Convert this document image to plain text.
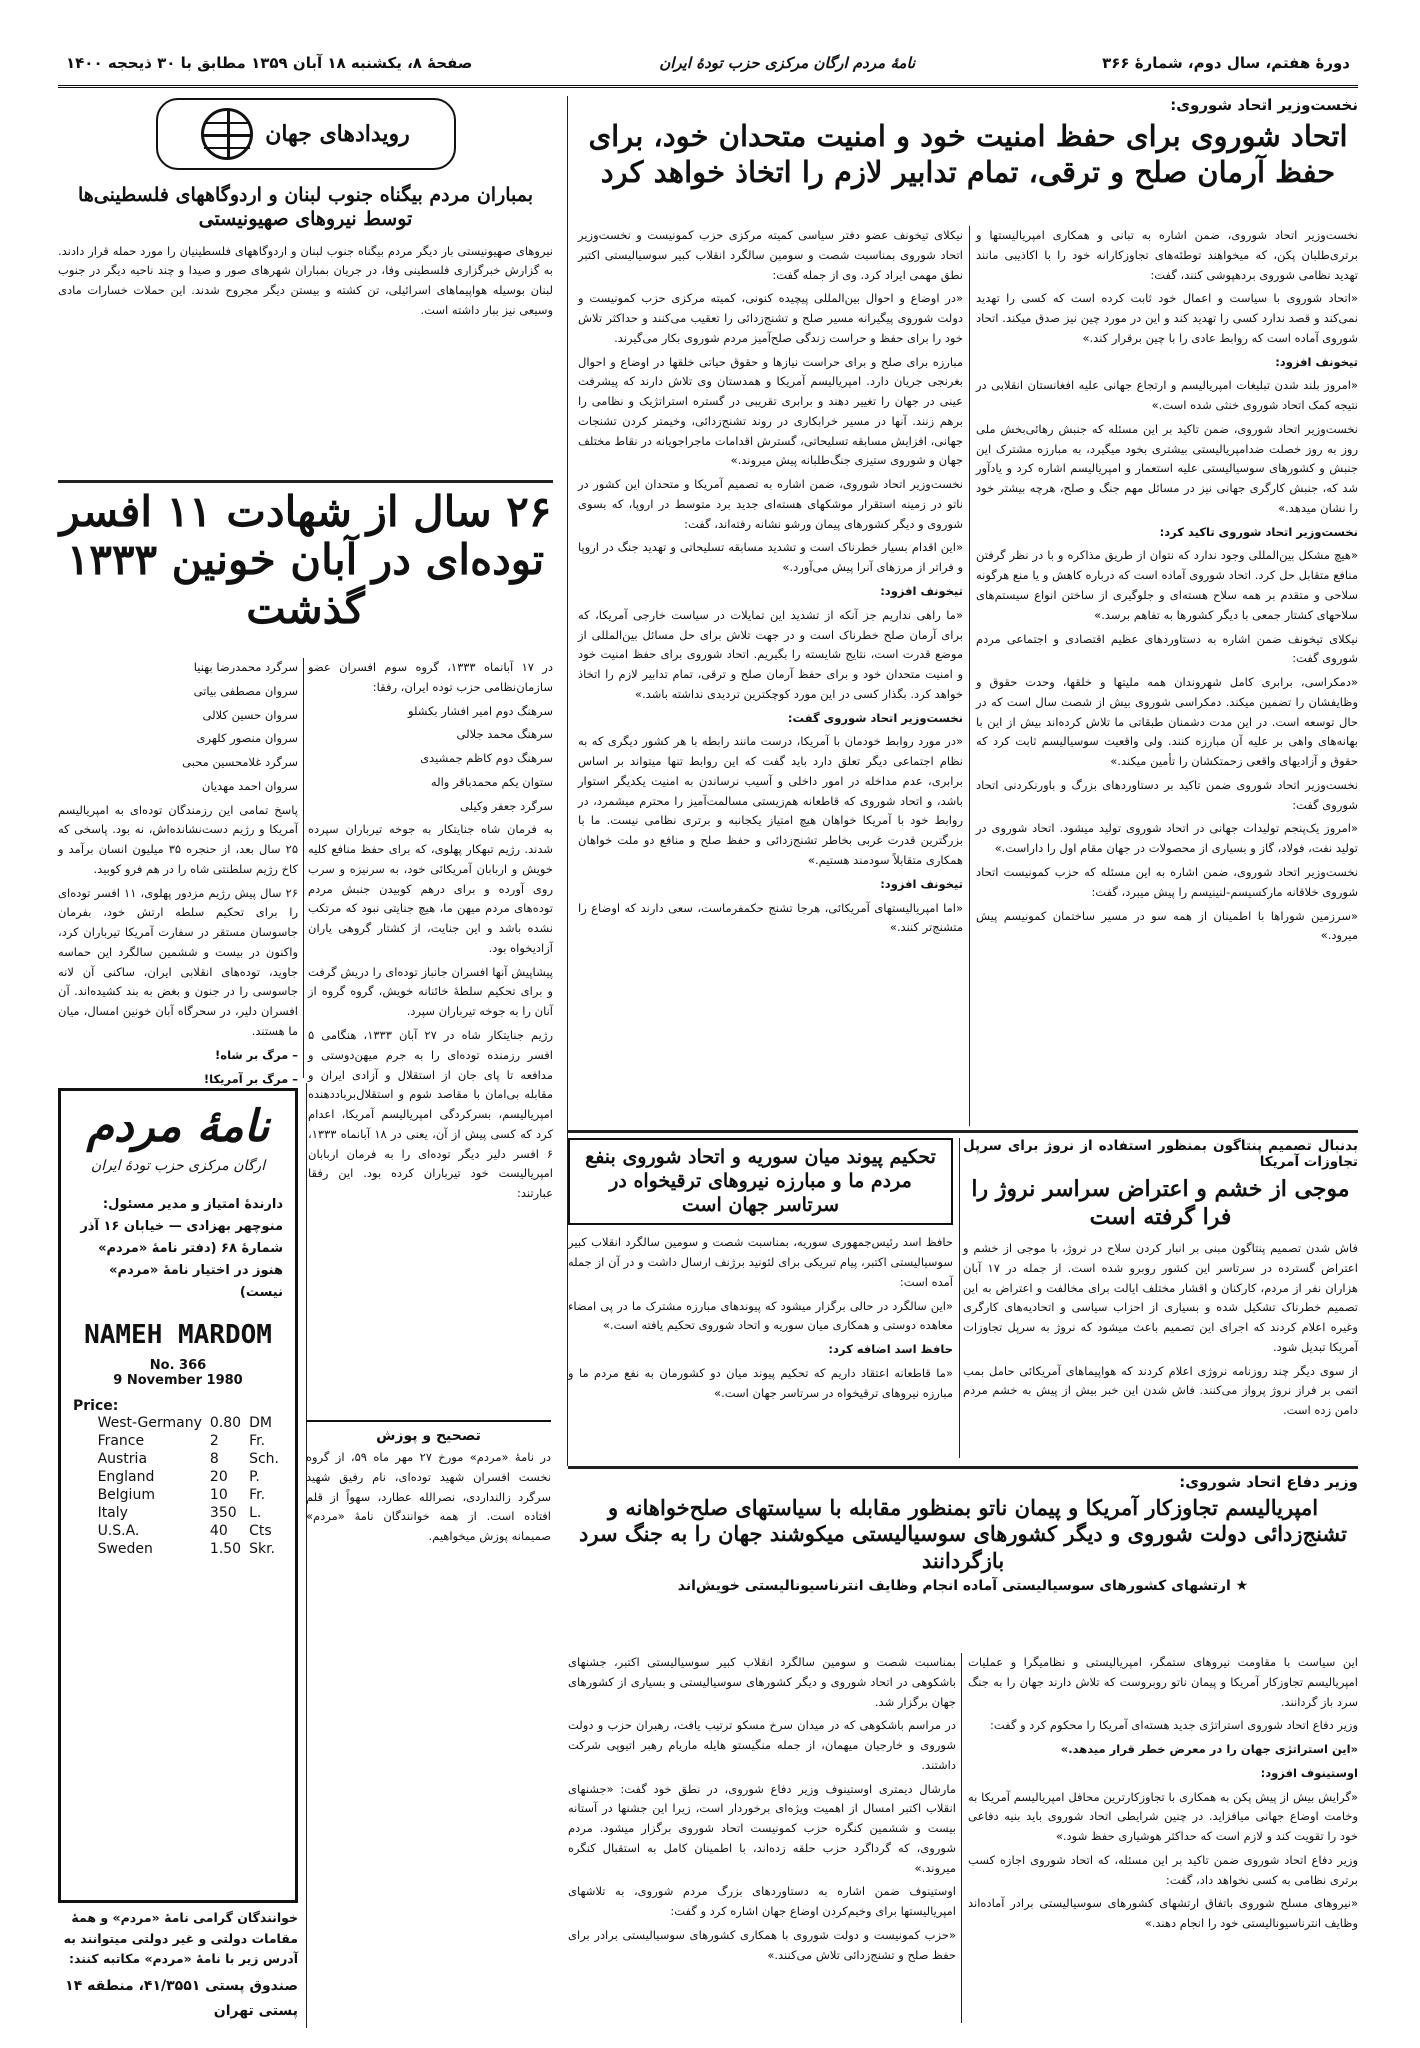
دورهٔ هفتم، سال دوم، شمارهٔ ۳۶۶
نامهٔ مردم ارگان مرکزی حزب تودهٔ ایران
صفحهٔ ۸، یکشنبه ۱۸ آبان ۱۳۵۹ مطابق با ۳۰ ذیحجه ۱۴۰۰
نخست‌وزیر اتحاد شوروی:
اتحاد شوروی برای حفظ امنیت خود و امنیت متحدان خود، برای حفظ آرمان صلح و ترقی، تمام تدابیر لازم را اتخاذ خواهد کرد

نیکلای تیخونف عضو دفتر سیاسی کمیته مرکزی حزب کمونیست و نخست‌وزیر اتحاد شوروی بمناسبت شصت و سومین سالگرد انقلاب کبیر سوسیالیستی اکتبر نطق مهمی ایراد کرد. وی از جمله گفت:

«در اوضاع و احوال بین‌المللی پیچیده کنونی، کمیته مرکزی حزب کمونیست و دولت شوروی پیگیرانه مسیر صلح و تشنج‌زدائی را تعقیب می‌کنند و حداکثر تلاش خود را برای حفظ و حراست زندگی صلح‌آمیز مردم شوروی بکار می‌گیرند.

مبارزه برای صلح و برای حراست نیازها و حقوق حیاتی خلقها در اوضاع و احوال بغرنجی جریان دارد. امپریالیسم آمریکا و همدستان وی تلاش دارند که پیشرفت عینی در جهان را تغییر دهند و برابری تقریبی در گستره استراتژیک و نظامی را برهم زنند. آنها در مسیر خرابکاری در روند تشنج‌زدائی، وخیمتر کردن تشنجات جهانی، افزایش مسابقه تسلیحاتی، گسترش اقدامات ماجراجویانه در نقاط مختلف جهان و شوروی ستیزی جنگ‌طلبانه پیش میروند.»

نخست‌وزیر اتحاد شوروی، ضمن اشاره به تصمیم آمریکا و متحدان این کشور در ناتو در زمینه استقرار موشکهای هسته‌ای جدید برد متوسط در اروپا، که بسوی شوروی و دیگر کشورهای پیمان ورشو نشانه رفته‌اند، گفت:

«این اقدام بسیار خطرناک است و تشدید مسابقه تسلیحاتی و تهدید جنگ در اروپا و فراتر از مرزهای آنرا پیش می‌آورد.»

تیخونف افزود:

«ما راهی نداریم جز آنکه از تشدید این تمایلات در سیاست خارجی آمریکا، که برای آرمان صلح خطرناک است و در جهت تلاش برای حل مسائل بین‌المللی از موضع قدرت است، نتایج شایسته را بگیریم. اتحاد شوروی برای حفظ امنیت خود و امنیت متحدان خود و برای حفظ آرمان صلح و ترقی، تمام تدابیر لازم را اتخاذ خواهد کرد. بگذار کسی در این مورد کوچکترین تردیدی نداشته باشد.»

نخست‌وزیر اتحاد شوروی گفت:

«در مورد روابط خودمان با آمریکا، درست مانند رابطه با هر کشور دیگری که به نظام اجتماعی دیگر تعلق دارد باید گفت که این روابط تنها میتواند بر اساس برابری، عدم مداخله در امور داخلی و آسیب نرساندن به امنیت یکدیگر استوار باشد، و اتحاد شوروی که قاطعانه هم‌زیستی مسالمت‌آمیز را محترم میشمرد، در روابط خود با آمریکا خواهان هیچ امتیاز یکجانبه و برتری نظامی نیست. ما با بزرگترین قدرت غربی بخاطر تشنج‌زدائی و حفظ صلح و منافع دو ملت خواهان همکاری متقابلاً سودمند هستیم.»

تیخونف افزود:

«اما امپریالیستهای آمریکائی، هرجا تشنج حکمفرماست، سعی دارند که اوضاع را متشنج‌تر کنند.»

نخست‌وزیر اتحاد شوروی، ضمن اشاره به تبانی و همکاری امپریالیستها و برتری‌طلبان پکن، که میخواهند توطئه‌های تجاوزکارانه خود را با اکاذیبی مانند تهدید نظامی شوروی بردهپوشی کنند، گفت:

«اتحاد شوروی با سیاست و اعمال خود ثابت کرده است که کسی را تهدید نمی‌کند و قصد ندارد کسی را تهدید کند و این در مورد چین نیز صدق میکند. اتحاد شوروی آماده است که روابط عادی را با چین برقرار کند.»

تیخونف افزود:

«امروز بلند شدن تبلیغات امپریالیسم و ارتجاع جهانی علیه افغانستان انقلابی در نتیجه کمک اتحاد شوروی خنثی شده است.»

نخست‌وزیر اتحاد شوروی، ضمن تاکید بر این مسئله که جنبش رهائی‌بخش ملی روز به روز خصلت ضدامپریالیستی بیشتری بخود میگیرد، به مبارزه مشترک این جنبش و کشورهای سوسیالیستی علیه استعمار و امپریالیسم اشاره کرد و یادآور شد که، جنبش کارگری جهانی نیز در مسائل مهم جنگ و صلح، هرچه بیشتر خود را نشان میدهد.»

نخست‌وزیر اتحاد شوروی تاکید کرد:

«هیچ مشکل بین‌المللی وجود ندارد که نتوان از طریق مذاکره و با در نظر گرفتن منافع متقابل حل کرد. اتحاد شوروی آماده است که درباره کاهش و یا منع هرگونه سلاحی و متقدم بر همه سلاح هسته‌ای و جلوگیری از ساختن انواع سیستم‌های سلاحهای کشتار جمعی با دیگر کشورها به تفاهم برسد.»

نیکلای تیخونف ضمن اشاره به دستاوردهای عظیم اقتصادی و اجتماعی مردم شوروی گفت:

«دمکراسی، برابری کامل شهروندان همه ملیتها و خلقها، وحدت حقوق و وظایفشان را تضمین میکند. دمکراسی شوروی بیش از شصت سال است که در حال توسعه است. در این مدت دشمنان طبقاتی ما تلاش کرده‌اند بیش از این با بهانه‌های واهی بر علیه آن مبارزه کنند. ولی واقعیت سوسیالیسم ثابت کرد که حقوق و آزادیهای واقعی زحمتکشان را تأمین میکند.»

نخست‌وزیر اتحاد شوروی ضمن تاکید بر دستاوردهای بزرگ و باورنکردنی اتحاد شوروی گفت:

«امروز یک‌پنجم تولیدات جهانی در اتحاد شوروی تولید میشود. اتحاد شوروی در تولید نفت، فولاد، گاز و بسیاری از محصولات در جهان مقام اول را داراست.»

نخست‌وزیر اتحاد شوروی، ضمن اشاره به این مسئله که حزب کمونیست اتحاد شوروی خلاقانه مارکسیسم-لنینیسم را پیش میبرد، گفت:

«سرزمین شوراها با اطمینان از همه سو در مسیر ساختمان کمونیسم پیش میرود.»

رویدادهای جهان
بمباران مردم بیگناه جنوب لبنان و اردوگاههای فلسطینی‌ها توسط نیروهای صهیونیستی
نیروهای صهیونیستی بار دیگر مردم بیگناه جنوب لبنان و اردوگاههای فلسطینیان را مورد حمله قرار دادند. به گزارش خبرگزاری فلسطینی وفا، در جریان بمباران شهرهای صور و صیدا و چند ناحیه دیگر در جنوب لبنان بوسیله هواپیماهای اسرائیلی، تن کشته و بیستن دیگر مجروح شدند. این حملات خسارات مادی وسیعی نیز ببار داشته است.
۲۶ سال از شهادت ۱۱ افسر توده‌ای در آبان خونین ۱۳۳۳ گذشت

در ۱۷ آبانماه ۱۳۳۳، گروه سوم افسران عضو سازمان‌نظامی حزب توده ایران، رفقا:

سرهنگ دوم امیر افشار بکشلو

سرهنگ محمد جلالی

سرهنگ دوم کاظم جمشیدی

ستوان یکم محمدباقر واله

سرگرد جعفر وکیلی

به فرمان شاه جنایتکار به جوخه تیرباران سپرده شدند. رژیم تبهکار پهلوی، که برای حفظ منافع کلیه خویش و اربابان آمریکائی خود، به سرنیزه و سرب روی آورده و برای درهم کوبیدن جنبش مردم توده‌های مردم میهن ما، هیچ جنایتی نبود که مرتکب نشده باشد و این جنایت، از کشتار گروهی یاران آزادیخواه بود.

پیشاپیش آنها افسران جانباز توده‌ای را دریش گرفت و برای تحکیم سلطهٔ خائنانه خویش، گروه گروه از آنان را به جوخه تیرباران سپرد.

رژیم جنایتکار شاه در ۲۷ آبان ۱۳۳۳، هنگامی ۵ افسر رزمنده توده‌ای را به جرم میهن‌دوستی و مدافعه تا پای جان از استقلال و آزادی ایران و مقابله بی‌امان با مقاصد شوم و استقلال‌برباددهنده امپریالیسم، بسرکردگی امپریالیسم آمریکا، اعدام کرد که کسی پیش از آن، یعنی در ۱۸ آبانماه ۱۳۳۳، ۶ افسر دلیر دیگر توده‌ای را به فرمان اربابان امپریالیست خود تیرباران کرده بود. این رفقا عبارتند:

سرگرد محمدرضا بهنیا

سروان مصطفی بیاتی

سروان حسین کلالی

سروان منصور کلهری

سرگرد غلامحسین محبی

سروان احمد مهدیان

پاسخ تمامی این رزمندگان توده‌ای به امپریالیسم آمریکا و رژیم دست‌نشانده‌اش، نه بود. پاسخی که ۲۵ سال بعد، از حنجره ۳۵ میلیون انسان برآمد و کاخ رژیم سلطنتی شاه را در هم فرو کوبید.

۲۶ سال پیش رژیم مزدور پهلوی، ۱۱ افسر توده‌ای را برای تحکیم سلطه ارتش خود، بفرمان جاسوسان مستقر در سفارت آمریکا تیرباران کرد، واکنون در بیست و ششمین سالگرد این حماسه جاوید، توده‌های انقلابی ایران، ساکنی آن لانه جاسوسی را در جنون و بغض به بند کشیده‌اند. آن افسران دلیر، در سحرگاه آبان خونین امسال، میان ما هستند.

– مرگ بر شاه!

– مرگ بر آمریکا!

نامهٔ مردم
ارگان مرکزی حزب تودهٔ ایران
دارندهٔ امتیاز و مدیر مسئول: منوچهر بهزادی — خیابان ۱۶ آذر شمارهٔ ۶۸ (دفتر نامهٔ «مردم» هنوز در اختیار نامهٔ «مردم» نیست)
NAMEH MARDOM
No. 366
9 November 1980
Price:
West-Germany	0.80	DM
France	2	Fr.
Austria	8	Sch.
England	20	P.
Belgium	10	Fr.
Italy	350	L.
U.S.A.	40	Cts
Sweden	1.50	Skr.
خوانندگان گرامی نامهٔ «مردم» و همهٔ مقامات دولتی و غیر دولتی میتوانند به آدرس زیر با نامهٔ «مردم» مکاتبه کنند:
صندوق پستی ۴۱/۳۵۵۱، منطقه ۱۴ پستی تهران
بدنبال تصمیم پنتاگون بمنظور استفاده از نروژ برای سرپل تجاوزات آمریکا
موجی از خشم و اعتراض سراسر نروژ را فرا گرفته است

فاش شدن تصمیم پنتاگون مبنی بر انبار کردن سلاح در نروژ، با موجی از خشم و اعتراض گسترده در سرتاسر این کشور روبرو شده است. از جمله در ۱۷ آبان هزاران نفر از مردم، کارکنان و اقشار مختلف ایالت برای مخالفت و اعتراض به این تصمیم خطرناک تشکیل شده و بسیاری از احزاب سیاسی و اتحادیه‌های کارگری وغیره اعلام کردند که اجرای این تصمیم باعث میشود که نروژ به سرپل تجاوزات آمریکا تبدیل شود.

از سوی دیگر چند روزنامه نروژی اعلام کردند که هواپیماهای آمریکائی حامل بمب اتمی بر فراز نروژ پرواز می‌کنند. فاش شدن این خبر بیش از پیش به خشم مردم دامن زده است.

تحکیم پیوند میان سوریه و اتحاد شوروی بنفع مردم ما و مبارزه نیروهای ترقیخواه در سرتاسر جهان است

حافظ اسد رئیس‌جمهوری سوریه، بمناسبت شصت و سومین سالگرد انقلاب کبیر سوسیالیستی اکتبر، پیام تبریکی برای لئونید برژنف ارسال داشت و در آن از جمله آمده است:

«این سالگرد در حالی برگزار میشود که پیوندهای مبارزه مشترک ما در پی امضاء معاهده دوستی و همکاری میان سوریه و اتحاد شوروی تحکیم یافته است.»

حافظ اسد اضافه کرد:

«ما قاطعانه اعتقاد داریم که تحکیم پیوند میان دو کشورمان به نفع مردم ما و مبارزه نیروهای ترقیخواه در سرتاسر جهان است.»

وزیر دفاع اتحاد شوروی:
امپریالیسم تجاوزکار آمریکا و پیمان ناتو بمنظور مقابله با سیاستهای صلح‌خواهانه و تشنج‌زدائی دولت شوروی و دیگر کشورهای سوسیالیستی میکوشند جهان را به جنگ سرد بازگردانند
★ ارتشهای کشورهای سوسیالیستی آماده انجام وظایف انترناسیونالیستی خویش‌اند

بمناسبت شصت و سومین سالگرد انقلاب کبیر سوسیالیستی اکتبر، جشنهای باشکوهی در اتحاد شوروی و دیگر کشورهای سوسیالیستی و بسیاری از کشورهای جهان برگزار شد.

در مراسم باشکوهی که در میدان سرخ مسکو ترتیب یافت، رهبران حزب و دولت شوروی و خارجیان میهمان، از جمله منگیستو هایله ماریام رهبر اتیوپی شرکت داشتند.

مارشال دیمتری اوستینوف وزیر دفاع شوروی، در نطق خود گفت: «جشنهای انقلاب اکتبر امسال از اهمیت ویژه‌ای برخوردار است، زیرا این جشنها در آستانه بیست و ششمین کنگره حزب کمونیست اتحاد شوروی برگزار میشود. مردم شوروی، که گرداگرد حزب حلقه زده‌اند، با اطمینان کامل به استقبال کنگره میروند.»

اوستینوف ضمن اشاره به دستاوردهای بزرگ مردم شوروی، به تلاشهای امپریالیستها برای وخیم‌کردن اوضاع جهان اشاره کرد و گفت:

«حزب کمونیست و دولت شوروی با همکاری کشورهای سوسیالیستی برادر برای حفظ صلح و تشنج‌زدائی تلاش می‌کنند.»

این سیاست با مقاومت نیروهای ستمگر، امپریالیستی و نظامیگرا و عملیات امپریالیسم تجاوزکار آمریکا و پیمان ناتو روبروست که تلاش دارند جهان را به جنگ سرد باز گردانند.

وزیر دفاع اتحاد شوروی استراتژی جدید هسته‌ای آمریکا را محکوم کرد و گفت:

«این استراتژی جهان را در معرض خطر قرار میدهد.»

اوستینوف افزود:

«گرایش بیش از پیش پکن به همکاری با تجاوزکارترین محافل امپریالیسم آمریکا به وخامت اوضاع جهانی میافزاید. در چنین شرایطی اتحاد شوروی باید بنیه دفاعی خود را تقویت کند و لازم است که حداکثر هوشیاری حفظ شود.»

وزیر دفاع اتحاد شوروی ضمن تاکید بر این مسئله، که اتحاد شوروی اجازه کسب برتری نظامی به کسی نخواهد داد، گفت:

«نیروهای مسلح شوروی باتفاق ارتشهای کشورهای سوسیالیستی برادر آماده‌اند وظایف انترناسیونالیستی خود را انجام دهند.»

تصحیح و پوزش
در نامهٔ «مردم» مورخ ۲۷ مهر ماه ۵۹، از گروه نخست افسران شهید توده‌ای، نام رفیق شهید سرگرد زالنداردی، نصرالله عطارد، سهواً از قلم افتاده است. از همه خوانندگان نامهٔ «مردم» صمیمانه پوزش میخواهیم.
